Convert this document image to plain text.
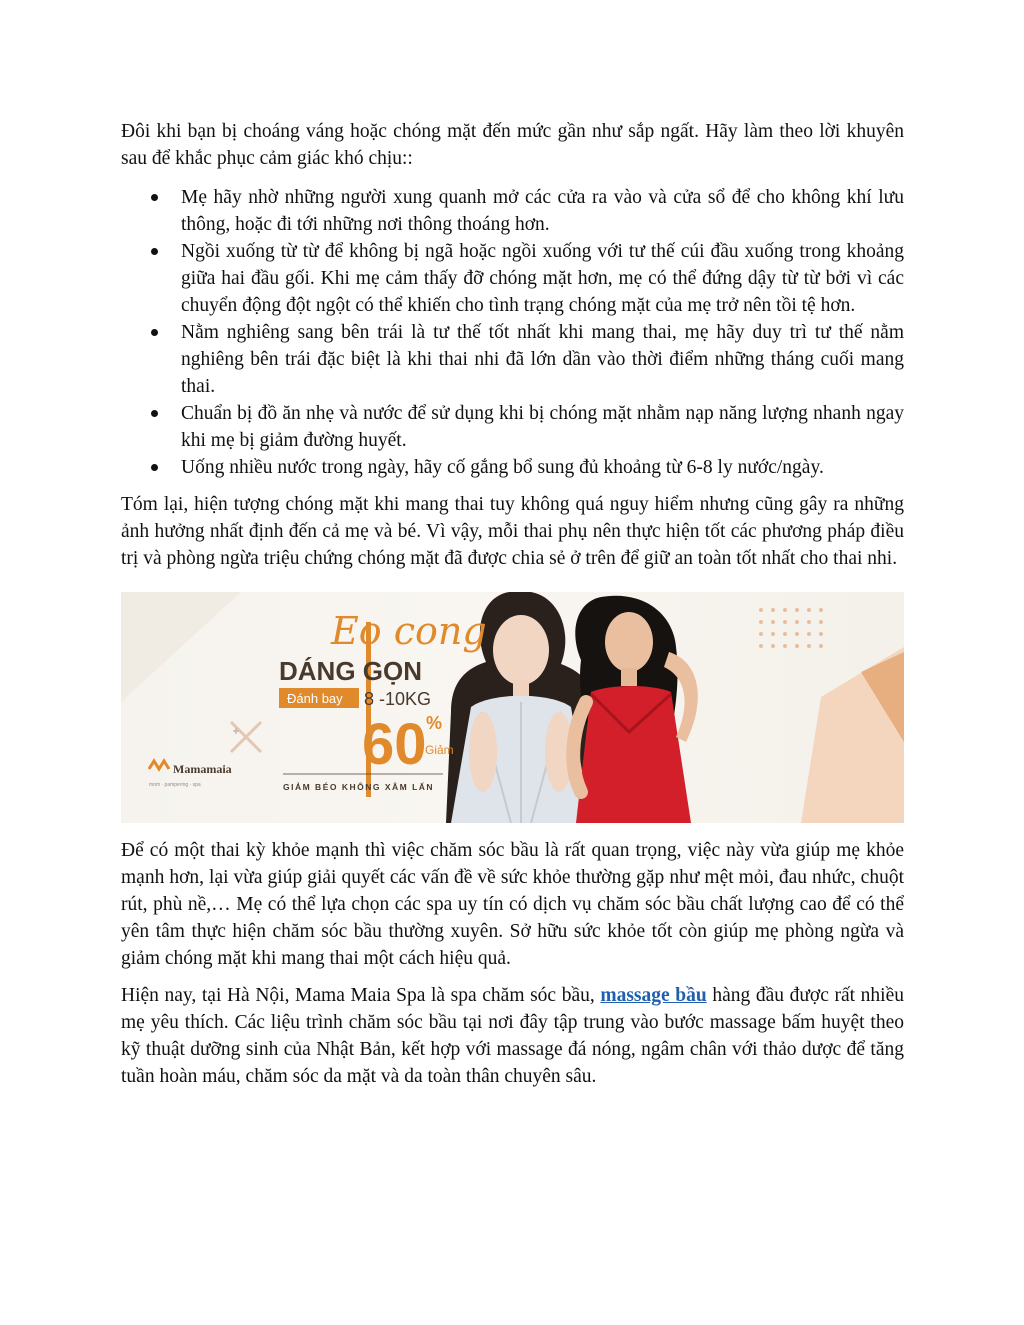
Đôi khi bạn bị choáng váng hoặc chóng mặt đến mức gần như sắp ngất. Hãy làm theo lời khuyên sau để khắc phục cảm giác khó chịu::

Mẹ hãy nhờ những người xung quanh mở các cửa ra vào và cửa sổ để cho không khí lưu thông, hoặc đi tới những nơi thông thoáng hơn.
Ngồi xuống từ từ để không bị ngã hoặc ngồi xuống với tư thế cúi đầu xuống trong khoảng giữa hai đầu gối. Khi mẹ cảm thấy đỡ chóng mặt hơn, mẹ có thể đứng dậy từ từ bởi vì các chuyển động đột ngột có thể khiến cho tình trạng chóng mặt của mẹ trở nên tồi tệ hơn.
Nằm nghiêng sang bên trái là tư thế tốt nhất khi mang thai, mẹ hãy duy trì tư thế nằm nghiêng bên trái đặc biệt là khi thai nhi đã lớn dần vào thời điểm những tháng cuối mang thai.
Chuẩn bị đồ ăn nhẹ và nước để sử dụng khi bị chóng mặt nhằm nạp năng lượng nhanh ngay khi mẹ bị giảm đường huyết.
Uống nhiều nước trong ngày, hãy cố gắng bổ sung đủ khoảng từ 6-8 ly nước/ngày.

Tóm lại, hiện tượng chóng mặt khi mang thai tuy không quá nguy hiểm nhưng cũng gây ra những ảnh hưởng nhất định đến cả mẹ và bé. Vì vậy, mỗi thai phụ nên thực hiện tốt các phương pháp điều trị và phòng ngừa triệu chứng chóng mặt đã được chia sẻ ở trên để giữ an toàn tốt nhất cho thai nhi.

Mamamaia
mom · pampering · spa
Eo cong
DÁNG GỌN
Đánh bay 8 -10KG
60 %
Giảm
GIẢM BÉO KHÔNG XÂM LẤN

Để có một thai kỳ khỏe mạnh thì việc chăm sóc bầu là rất quan trọng, việc này vừa giúp mẹ khỏe mạnh hơn, lại vừa giúp giải quyết các vấn đề về sức khỏe thường gặp như mệt mỏi, đau nhức, chuột rút, phù nề,… Mẹ có thể lựa chọn các spa uy tín có dịch vụ chăm sóc bầu chất lượng cao để có thể yên tâm thực hiện chăm sóc bầu thường xuyên. Sở hữu sức khỏe tốt còn giúp mẹ phòng ngừa và giảm chóng mặt khi mang thai một cách hiệu quả.

Hiện nay, tại Hà Nội, Mama Maia Spa là spa chăm sóc bầu, massage bầu hàng đầu được rất nhiều mẹ yêu thích. Các liệu trình chăm sóc bầu tại nơi đây tập trung vào bước massage bấm huyệt theo kỹ thuật dưỡng sinh của Nhật Bản, kết hợp với massage đá nóng, ngâm chân với thảo dược để tăng tuần hoàn máu, chăm sóc da mặt và da toàn thân chuyên sâu.
